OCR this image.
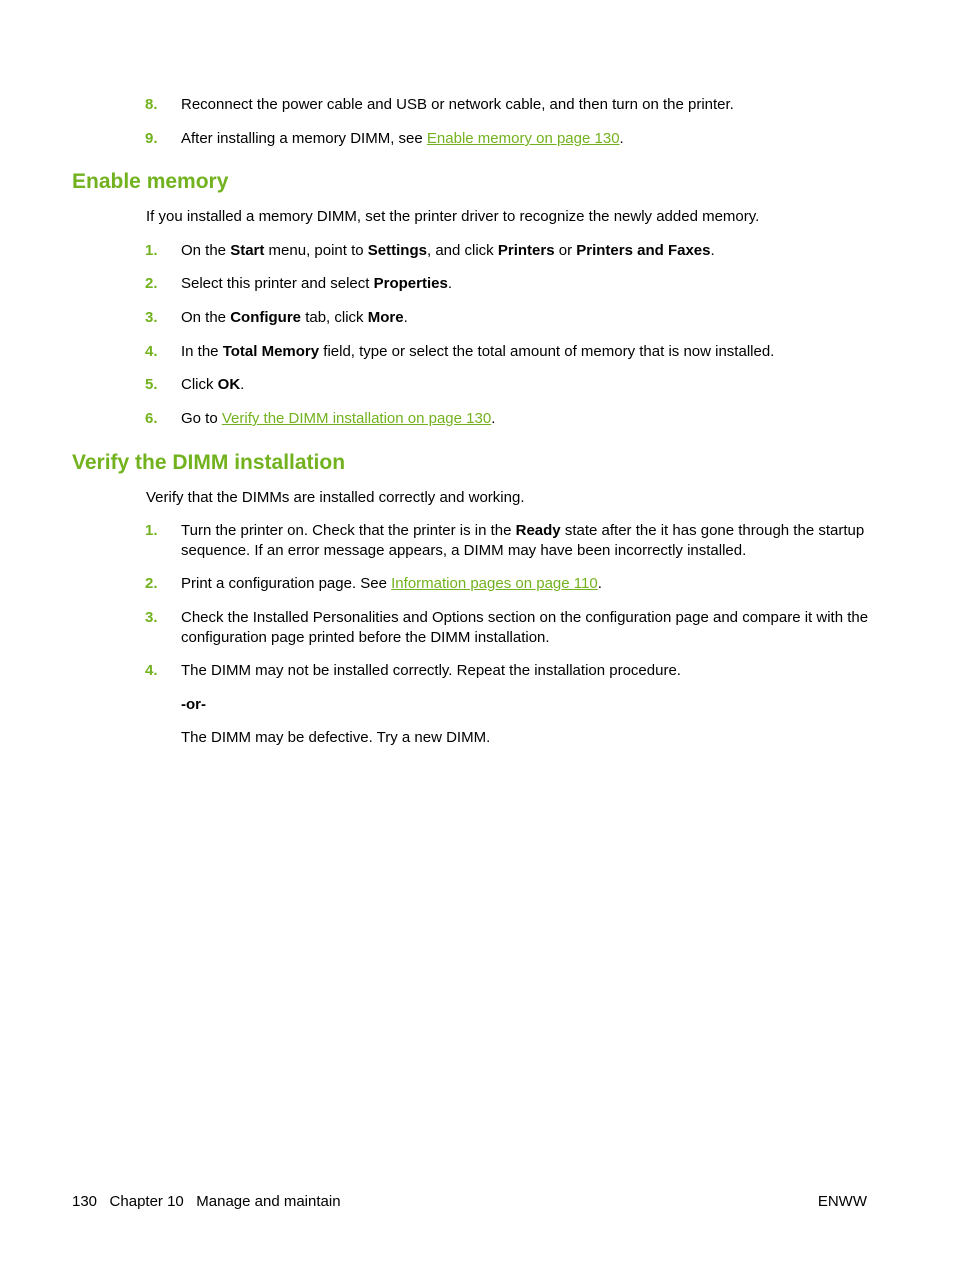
8. Reconnect the power cable and USB or network cable, and then turn on the printer.
9. After installing a memory DIMM, see Enable memory on page 130.
Enable memory
If you installed a memory DIMM, set the printer driver to recognize the newly added memory.
1. On the Start menu, point to Settings, and click Printers or Printers and Faxes.
2. Select this printer and select Properties.
3. On the Configure tab, click More.
4. In the Total Memory field, type or select the total amount of memory that is now installed.
5. Click OK.
6. Go to Verify the DIMM installation on page 130.
Verify the DIMM installation
Verify that the DIMMs are installed correctly and working.
1. Turn the printer on. Check that the printer is in the Ready state after the it has gone through the startup sequence. If an error message appears, a DIMM may have been incorrectly installed.
2. Print a configuration page. See Information pages on page 110.
3. Check the Installed Personalities and Options section on the configuration page and compare it with the configuration page printed before the DIMM installation.
4. The DIMM may not be installed correctly. Repeat the installation procedure.
-or-
The DIMM may be defective. Try a new DIMM.
130 Chapter 10 Manage and maintain	ENWW
